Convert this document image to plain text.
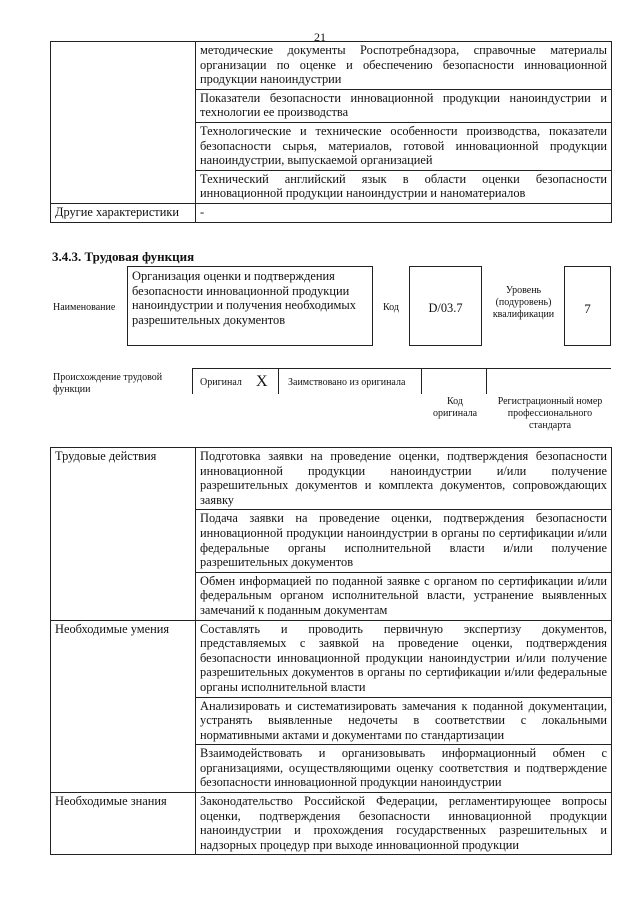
21
	методические документы Роспотребнадзора, справочные материалы организации по оценке и обеспечению безопасности инновационной продукции наноиндустрии
	Показатели безопасности инновационной продукции наноиндустрии и технологии ее производства
	Технологические и технические особенности производства, показатели безопасности сырья, материалов, готовой инновационной продукции наноиндустрии, выпускаемой организацией
	Технический английский язык в области оценки безопасности инновационной продукции наноиндустрии и наноматериалов
Другие характеристики	-
3.4.3. Трудовая функция
Наименование
Организация оценки и подтверждения безопасности инновационной продукции наноиндустрии и получения необходимых разрешительных документов
Код	D/03.7
Уровень (подуровень) квалификации	7
Происхождение трудовой функции
Оригинал X Заимствовано из оригинала
Код оригинала
Регистрационный номер профессионального стандарта
Трудовые действия	Подготовка заявки на проведение оценки, подтверждения безопасности инновационной продукции наноиндустрии и/или получение разрешительных документов и комплекта документов, сопровождающих заявку
	Подача заявки на проведение оценки, подтверждения безопасности инновационной продукции наноиндустрии в органы по сертификации и/или федеральные органы исполнительной власти и/или получение разрешительных документов
	Обмен информацией по поданной заявке с органом по сертификации и/или федеральным органом исполнительной власти, устранение выявленных замечаний к поданным документам
Необходимые умения	Составлять и проводить первичную экспертизу документов, представляемых с заявкой на проведение оценки, подтверждения безопасности инновационной продукции наноиндустрии и/или получение разрешительных документов в органы по сертификации и/или федеральные органы исполнительной власти
	Анализировать и систематизировать замечания к поданной документации, устранять выявленные недочеты в соответствии с локальными нормативными актами и документами по стандартизации
	Взаимодействовать и организовывать информационный обмен с организациями, осуществляющими оценку соответствия и подтверждение безопасности инновационной продукции наноиндустрии
Необходимые знания	Законодательство Российской Федерации, регламентирующее вопросы оценки, подтверждения безопасности инновационной продукции наноиндустрии и прохождения государственных разрешительных и надзорных процедур при выходе инновационной продукции
